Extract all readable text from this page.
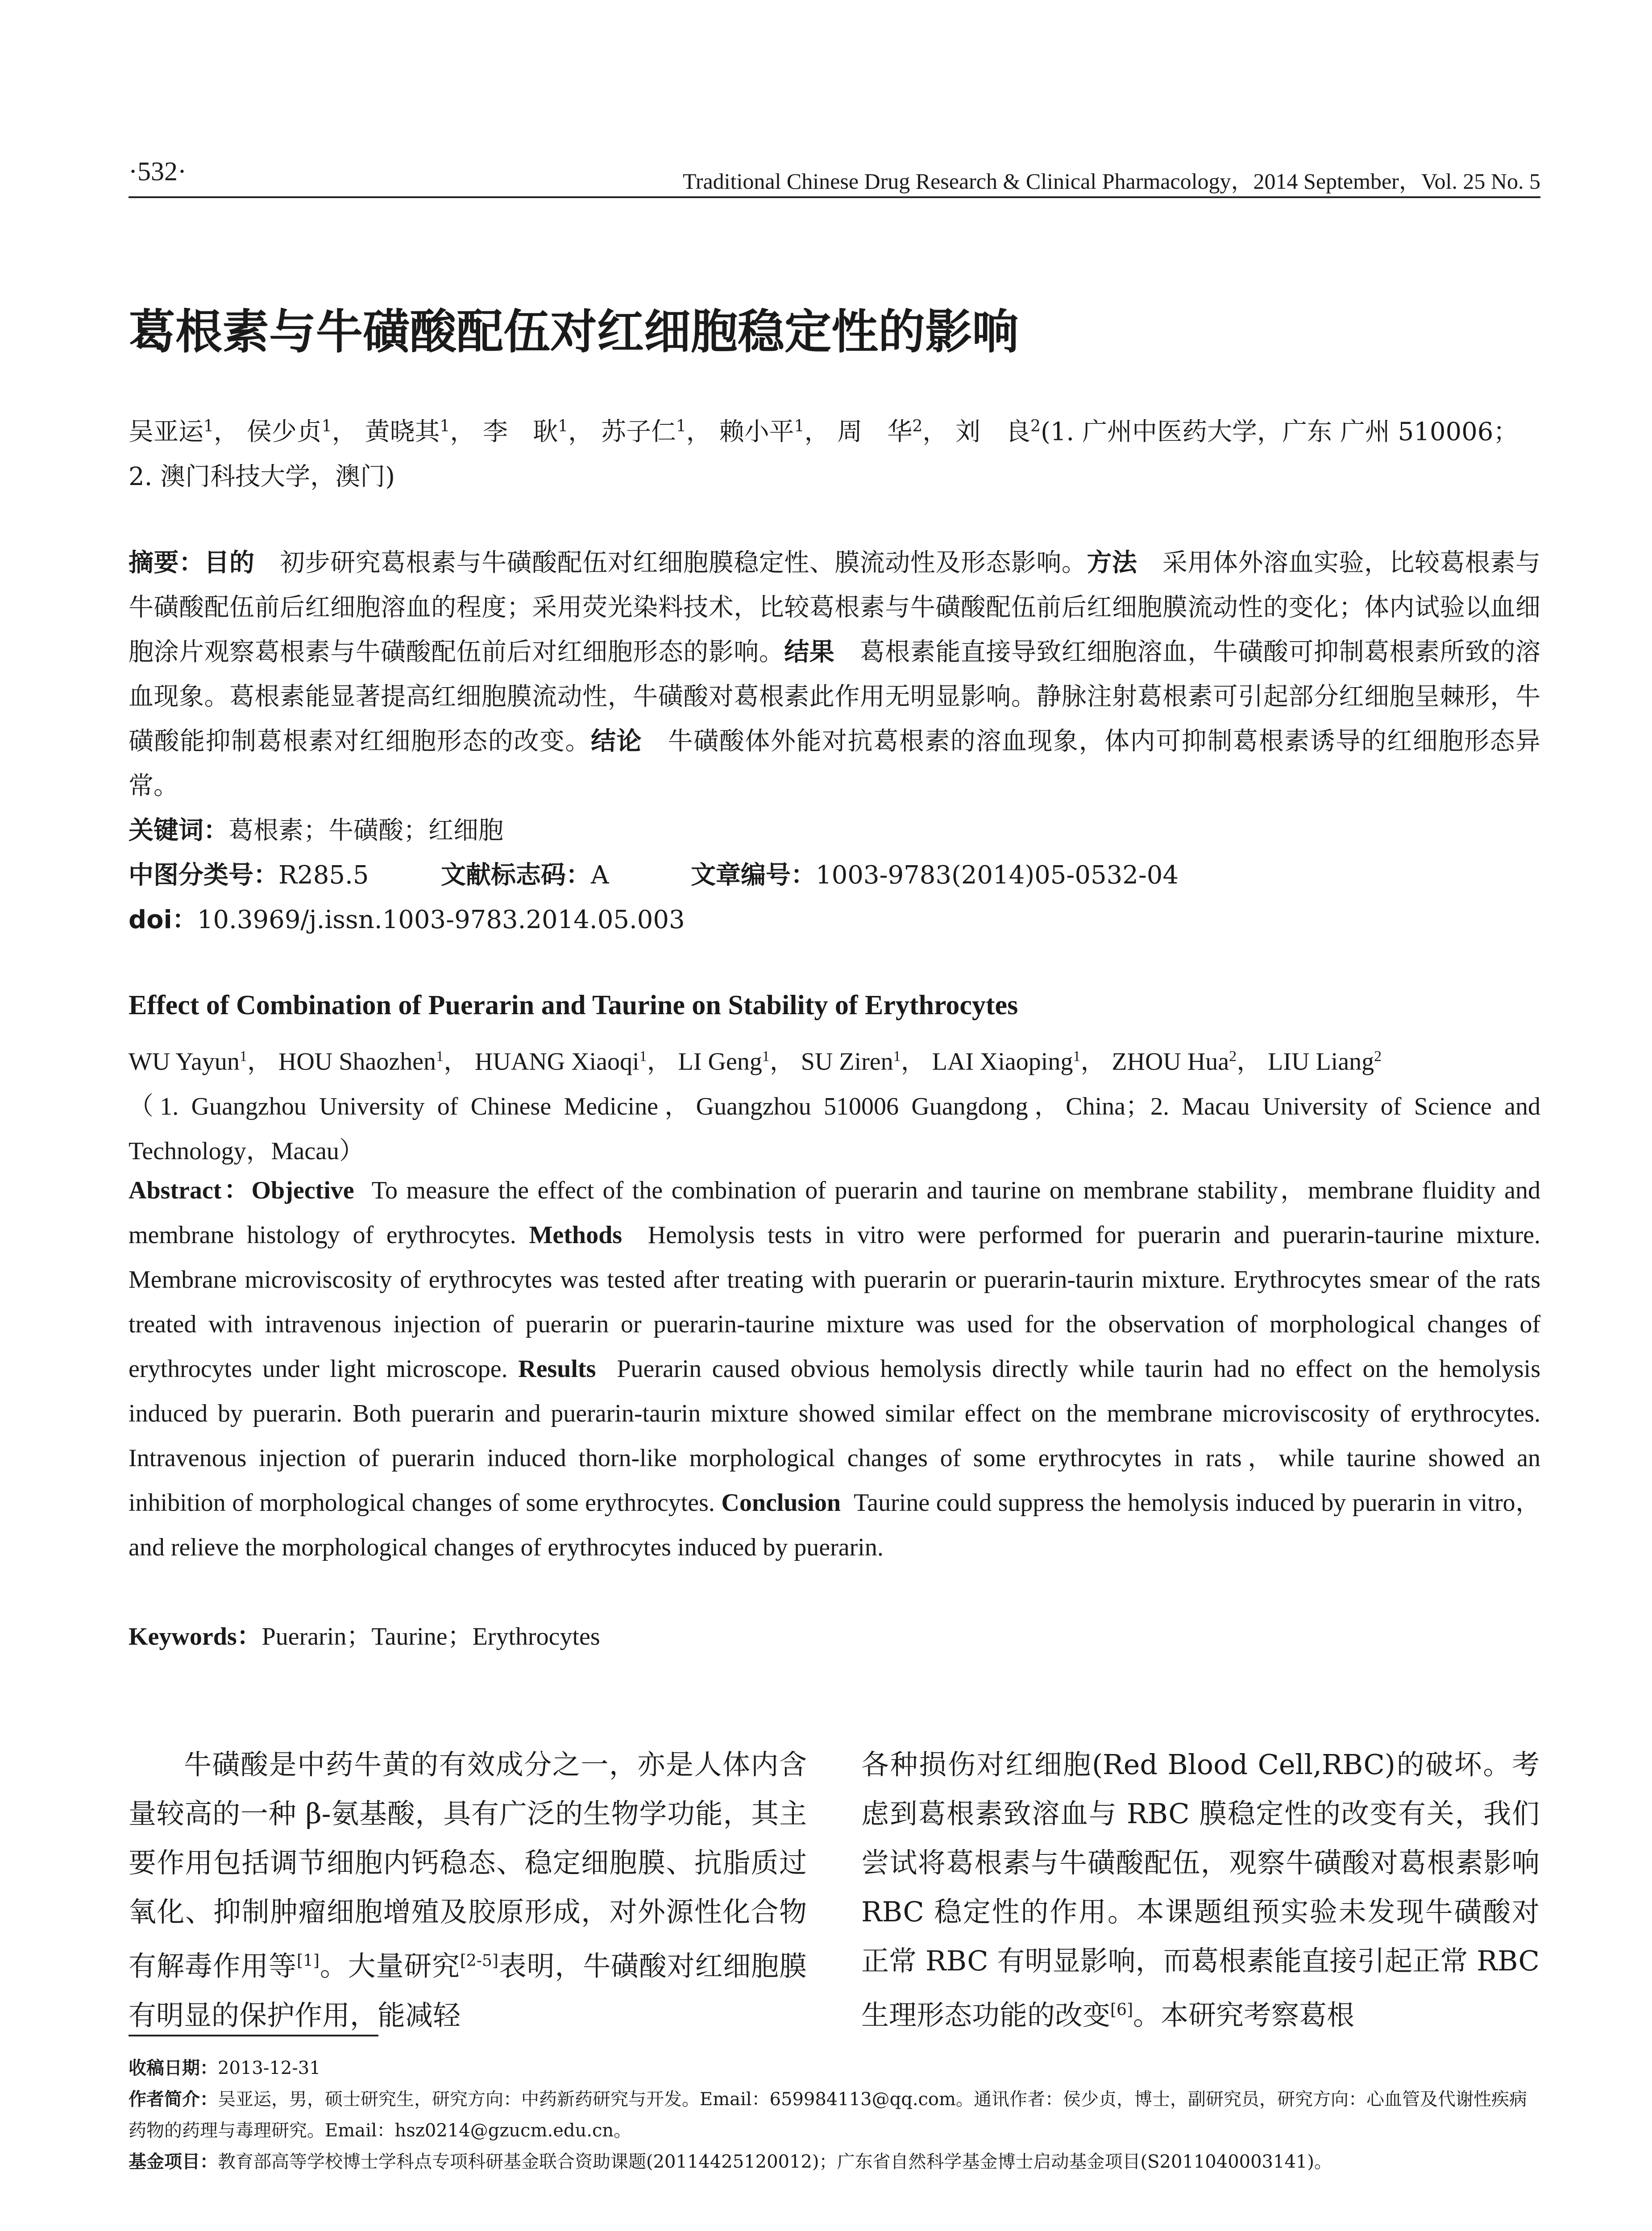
·532·	Traditional Chinese Drug Research & Clinical Pharmacology，2014 September，Vol. 25 No. 5
葛根素与牛磺酸配伍对红细胞稳定性的影响
吴亚运$^1$， 侯少贞$^1$， 黄晓其$^1$， 李　耿$^1$， 苏子仁$^1$， 赖小平$^1$， 周　华$^2$， 刘　良$^2$(1. 广州中医药大学，广东 广州 510006；2. 澳门科技大学，澳门)
摘要：目的　 初步研究葛根素与牛磺酸配伍对红细胞膜稳定性、膜流动性及形态影响。方法　 采用体外溶血实验，比较葛根素与牛磺酸配伍前后红细胞溶血的程度；采用荧光染料技术，比较葛根素与牛磺酸配伍前后红细胞膜流动性的变化；体内试验以血细胞涂片观察葛根素与牛磺酸配伍前后对红细胞形态的影响。结果　 葛根素能直接导致红细胞溶血，牛磺酸可抑制葛根素所致的溶血现象。葛根素能显著提高红细胞膜流动性，牛磺酸对葛根素此作用无明显影响。静脉注射葛根素可引起部分红细胞呈棘形，牛磺酸能抑制葛根素对红细胞形态的改变。结论　 牛磺酸体外能对抗葛根素的溶血现象，体内可抑制葛根素诱导的红细胞形态异常。
关键词：葛根素；牛磺酸；红细胞
中图分类号：R285.5	文献标志码：A	文章编号：1003-9783(2014)05-0532-04
doi：10.3969/j.issn.1003-9783.2014.05.003
Effect of Combination of Puerarin and Taurine on Stability of Erythrocytes
WU Yayun$^1$， HOU Shaozhen$^1$， HUANG Xiaoqi$^1$， LI Geng$^1$， SU Ziren$^1$， LAI Xiaoping$^1$， ZHOU Hua$^2$， LIU Liang$^2$
（1. Guangzhou University of Chinese Medicine，Guangzhou 510006 Guangdong，China；2. Macau University of Science and Technology，Macau）
Abstract：Objective To measure the effect of the combination of puerarin and taurine on membrane stability，membrane fluidity and membrane histology of erythrocytes. Methods Hemolysis tests in vitro were performed for puerarin and puerarin-taurine mixture. Membrane microviscosity of erythrocytes was tested after treating with puerarin or puerarin-taurin mixture. Erythrocytes smear of the rats treated with intravenous injection of puerarin or puerarin-taurine mixture was used for the observation of morphological changes of erythrocytes under light microscope. Results Puerarin caused obvious hemolysis directly while taurin had no effect on the hemolysis induced by puerarin. Both puerarin and puerarin-taurin mixture showed similar effect on the membrane microviscosity of erythrocytes. Intravenous injection of puerarin induced thorn-like morphological changes of some erythrocytes in rats，while taurine showed an inhibition of morphological changes of some erythrocytes. Conclusion Taurine could suppress the hemolysis induced by puerarin in vitro，and relieve the morphological changes of erythrocytes induced by puerarin.
Keywords：Puerarin；Taurine；Erythrocytes
牛磺酸是中药牛黄的有效成分之一，亦是人体内含量较高的一种 β-氨基酸，具有广泛的生物学功能，其主要作用包括调节细胞内钙稳态、稳定细胞膜、抗脂质过氧化、抑制肿瘤细胞增殖及胶原形成，对外源性化合物有解毒作用等[1]。大量研究[2-5]表明，牛磺酸对红细胞膜有明显的保护作用，能减轻
各种损伤对红细胞(Red Blood Cell,RBC)的破坏。考虑到葛根素致溶血与 RBC 膜稳定性的改变有关，我们尝试将葛根素与牛磺酸配伍，观察牛磺酸对葛根素影响 RBC 稳定性的作用。本课题组预实验未发现牛磺酸对正常 RBC 有明显影响，而葛根素能直接引起正常 RBC 生理形态功能的改变[6]。本研究考察葛根
收稿日期：2013-12-31
作者简介：吴亚运，男，硕士研究生，研究方向：中药新药研究与开发。Email：659984113@qq.com。通讯作者：侯少贞，博士，副研究员，研究方向：心血管及代谢性疾病药物的药理与毒理研究。Email：hsz0214@gzucm.edu.cn。
基金项目：教育部高等学校博士学科点专项科研基金联合资助课题(20114425120012)；广东省自然科学基金博士启动基金项目(S2011040003141)。
